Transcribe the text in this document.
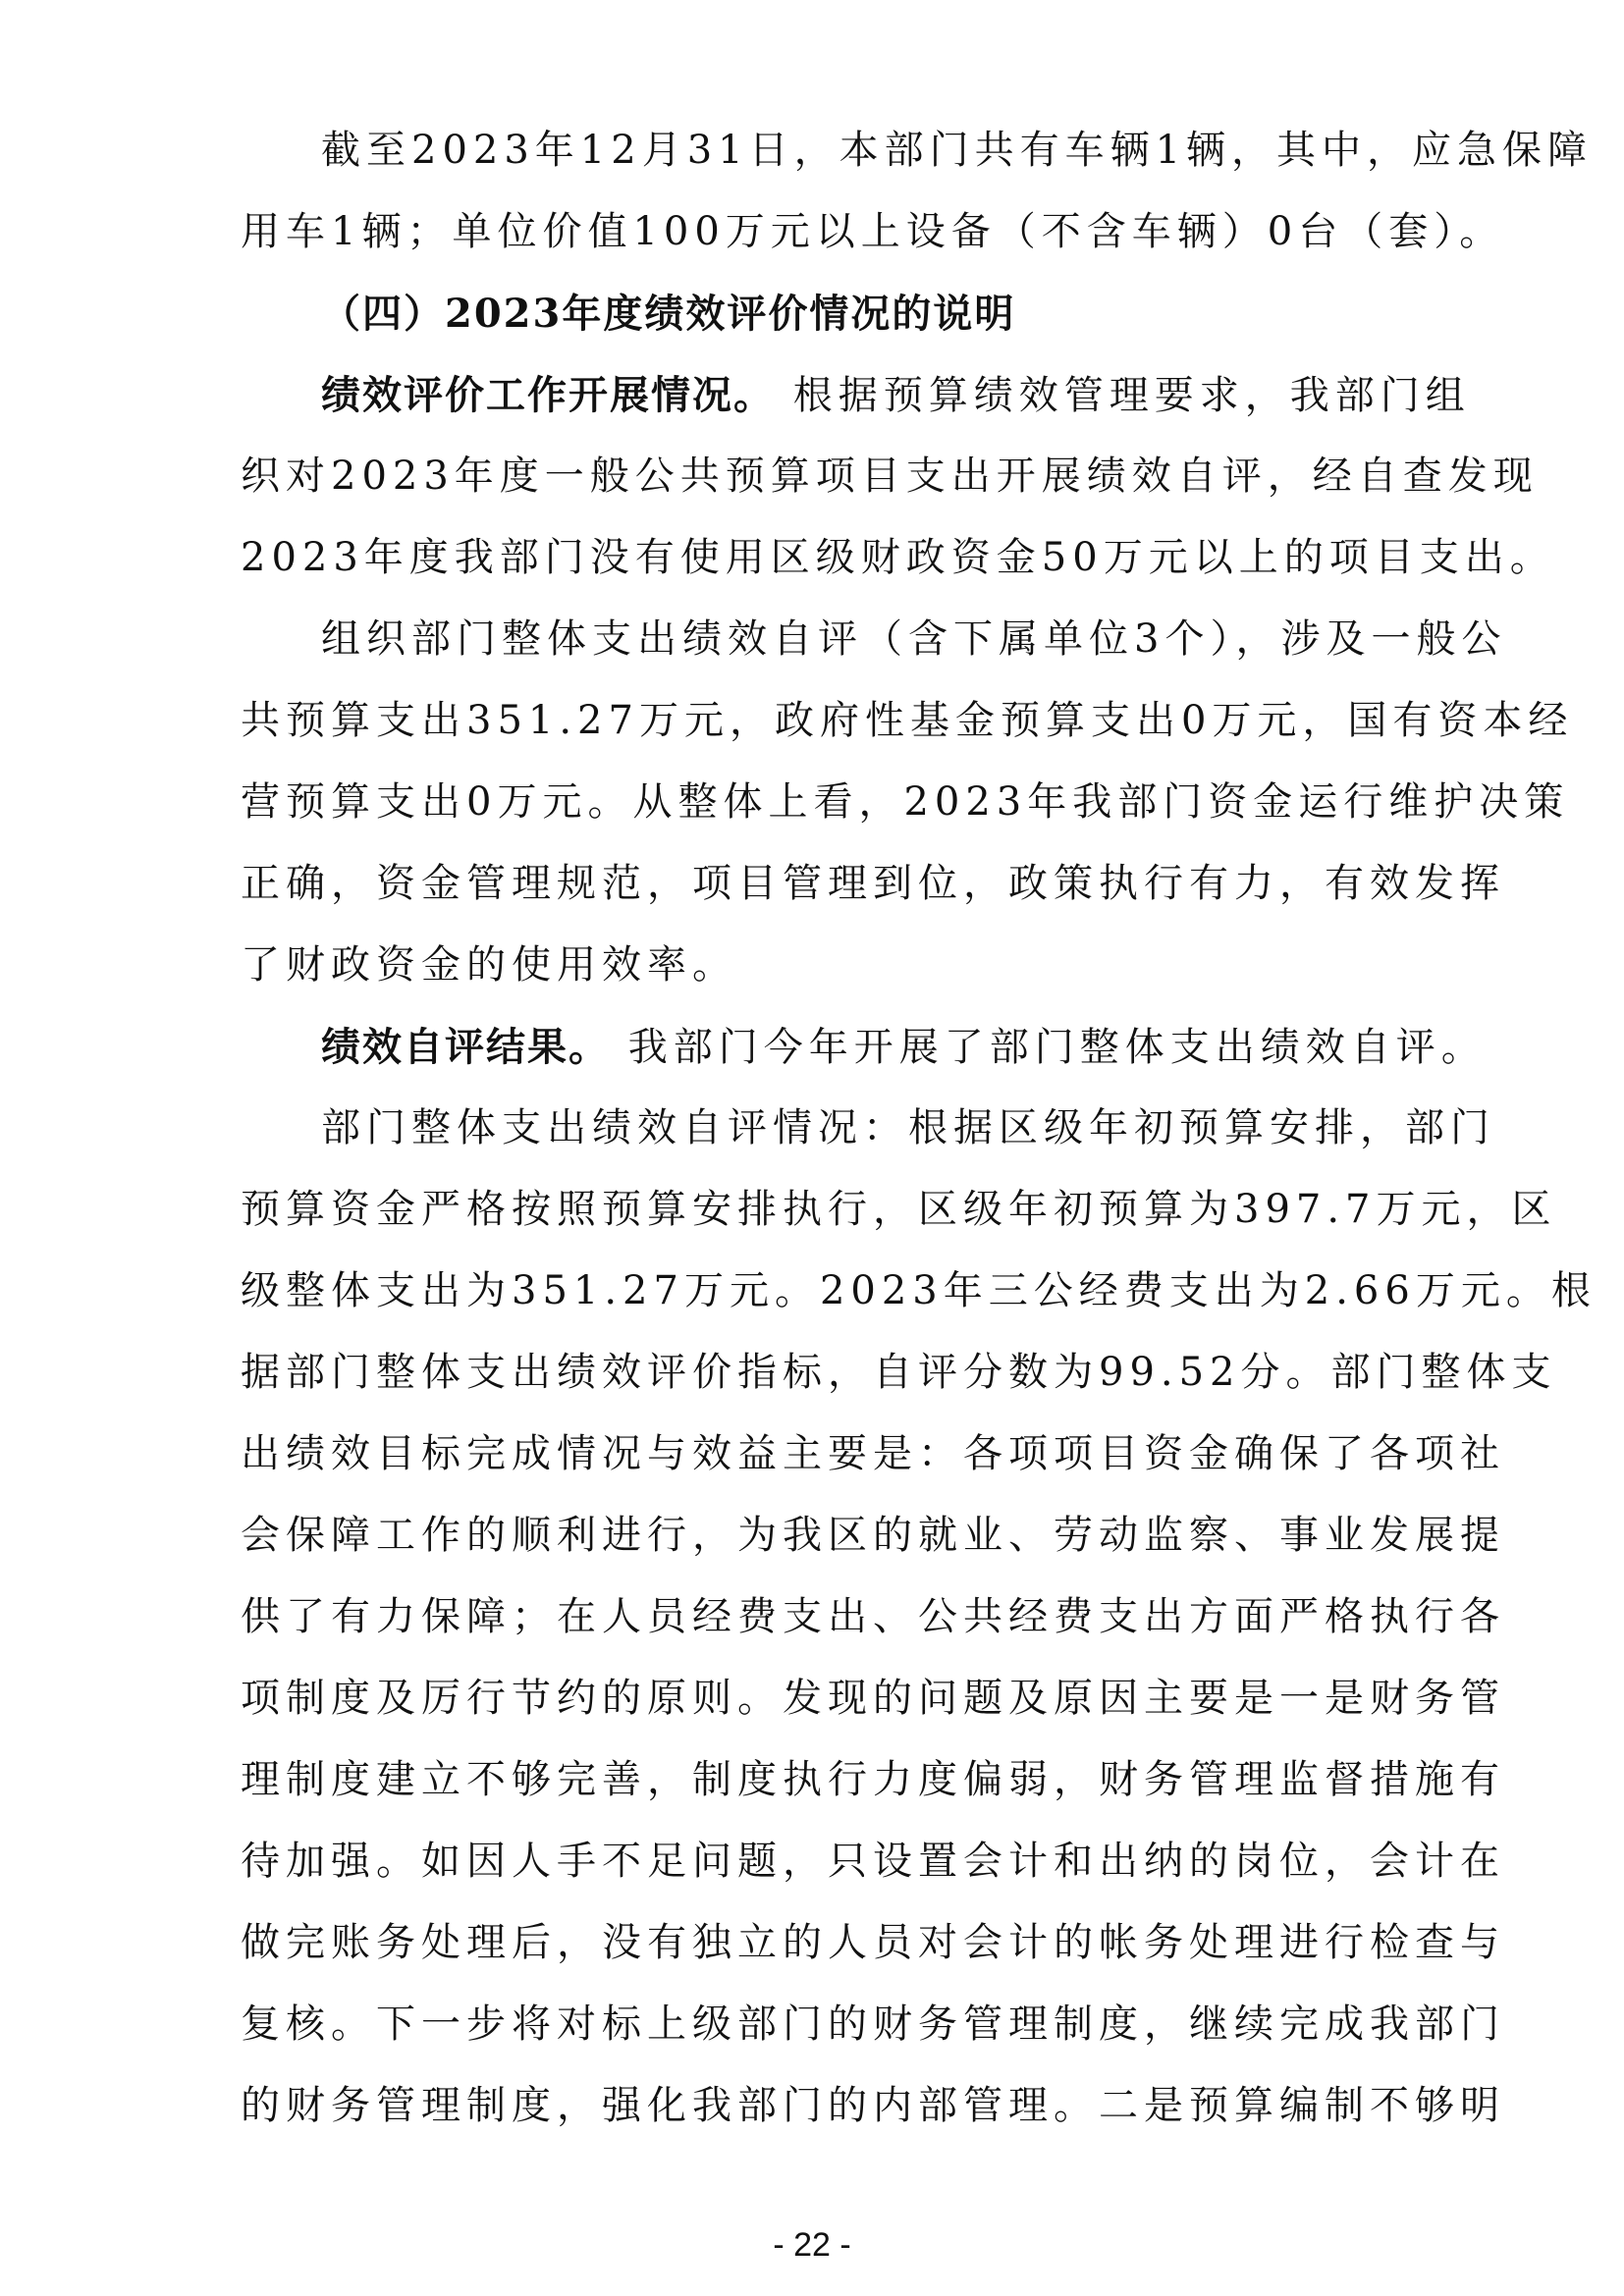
截至2023年12月31日，本部门共有车辆1辆，其中，应急保障
用车1辆；单位价值100万元以上设备（不含车辆）0台（套）。
（四）2023年度绩效评价情况的说明
绩效评价工作开展情况。 根据预算绩效管理要求，我部门组
织对2023年度一般公共预算项目支出开展绩效自评，经自查发现
2023年度我部门没有使用区级财政资金50万元以上的项目支出。
组织部门整体支出绩效自评（含下属单位3个），涉及一般公
共预算支出351.27万元，政府性基金预算支出0万元，国有资本经
营预算支出0万元。从整体上看，2023年我部门资金运行维护决策
正确，资金管理规范，项目管理到位，政策执行有力，有效发挥
了财政资金的使用效率。
绩效自评结果。 我部门今年开展了部门整体支出绩效自评。
部门整体支出绩效自评情况：根据区级年初预算安排，部门
预算资金严格按照预算安排执行，区级年初预算为397.7万元，区
级整体支出为351.27万元。2023年三公经费支出为2.66万元。根
据部门整体支出绩效评价指标，自评分数为99.52分。部门整体支
出绩效目标完成情况与效益主要是：各项项目资金确保了各项社
会保障工作的顺利进行，为我区的就业、劳动监察、事业发展提
供了有力保障；在人员经费支出、公共经费支出方面严格执行各
项制度及厉行节约的原则。发现的问题及原因主要是一是财务管
理制度建立不够完善，制度执行力度偏弱，财务管理监督措施有
待加强。如因人手不足问题，只设置会计和出纳的岗位，会计在
做完账务处理后，没有独立的人员对会计的帐务处理进行检查与
复核。下一步将对标上级部门的财务管理制度，继续完成我部门
的财务管理制度，强化我部门的内部管理。二是预算编制不够明
- 22 -
